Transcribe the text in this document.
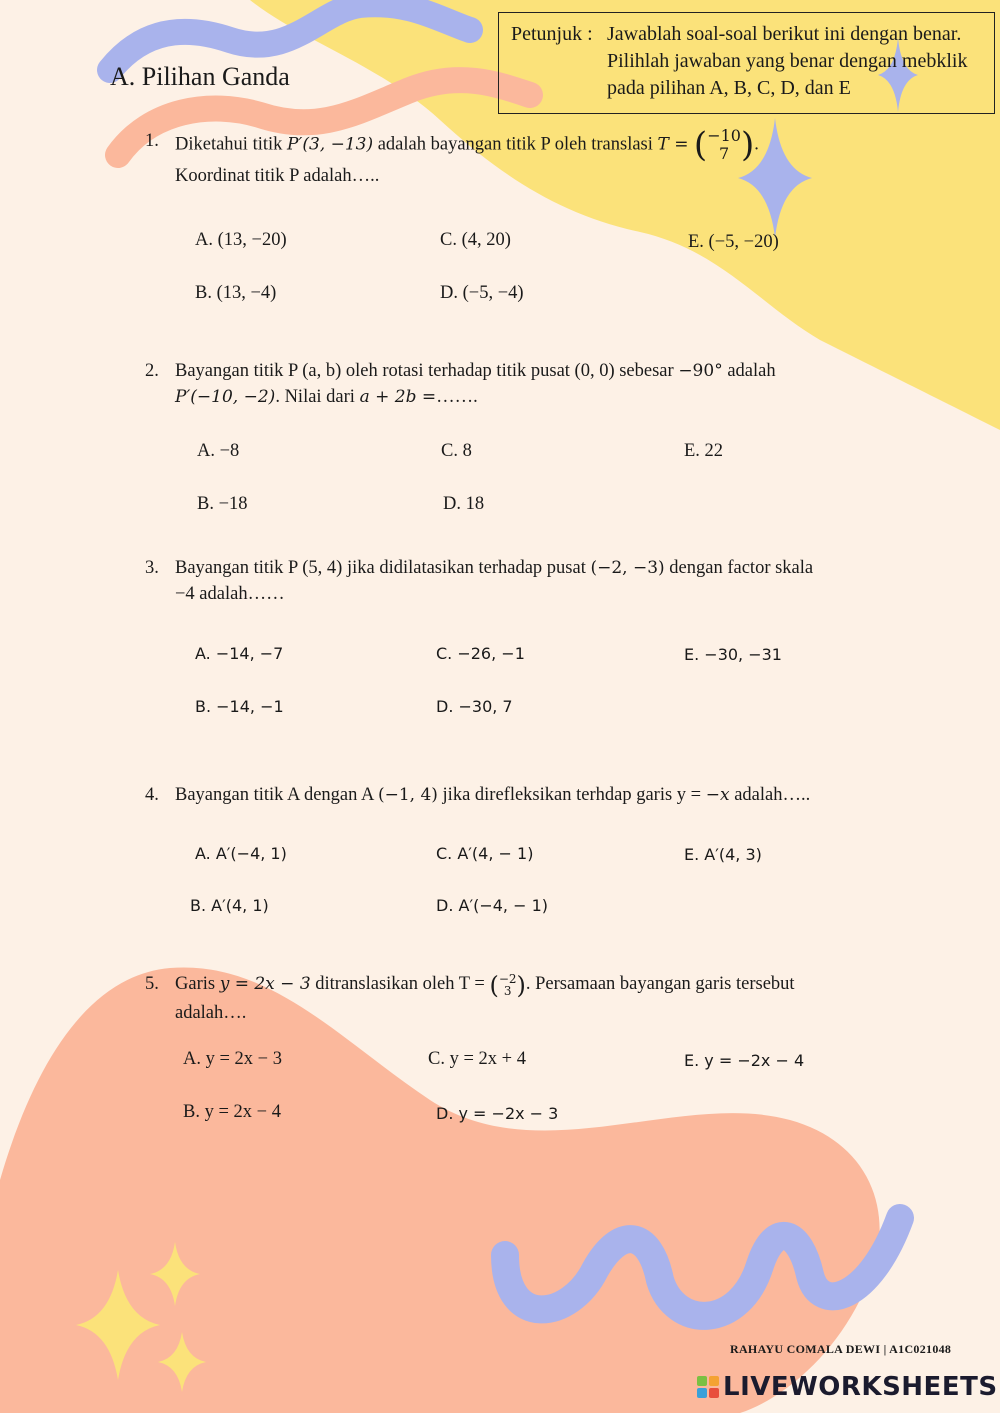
Petunjuk : Jawablah soal-soal berikut ini dengan benar. Pilihlah jawaban yang benar dengan mebklik pada pilihan A, B, C, D, dan E
A. Pilihan Ganda
1. Diketahui titik P′(3, −13) adalah bayangan titik P oleh translasi T = (−10
7 ).
Koordinat titik P adalah…..
A. (13, −20)	C. (4, 20)	E. (−5, −20)
B. (13, −4)	D. (−5, −4)
2. Bayangan titik P (a, b) oleh rotasi terhadap titik pusat (0, 0) sebesar −90° adalah
P′(−10, −2). Nilai dari a + 2b =…….
A. −8	C. 8	E. 22
B. −18	D. 18
3. Bayangan titik P (5, 4) jika didilatasikan terhadap pusat (−2, −3) dengan factor skala
−4 adalah……
A. −14, −7	C. −26, −1	E. −30, −31
B. −14, −1	D. −30, 7
4. Bayangan titik A dengan A (−1, 4) jika direfleksikan terhdap garis y = −x adalah…..
A. A′(−4, 1)	C. A′(4, − 1)	E. A′(4, 3)
B. A′(4, 1)	D. A′(−4, − 1)
5. Garis y = 2x − 3 ditranslasikan oleh T = (−2
3 ). Persamaan bayangan garis tersebut
adalah….
A. y = 2x − 3	C. y = 2x + 4	E. y = −2x − 4
B. y = 2x − 4	D. y = −2x − 3
RAHAYU COMALA DEWI | A1C021048
LIVEWORKSHEETS
